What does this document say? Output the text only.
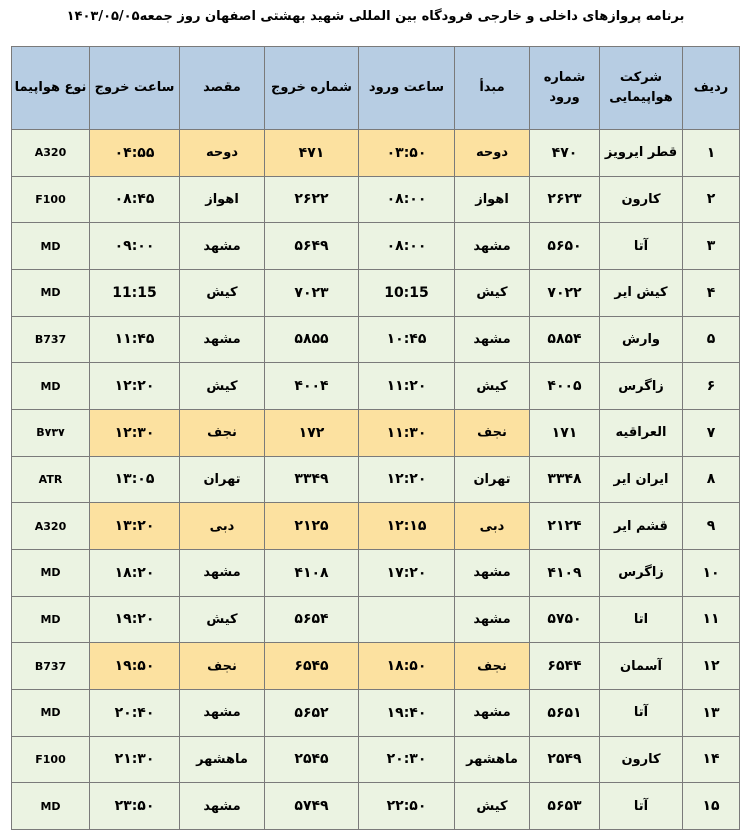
برنامه پروازهای داخلی و خارجی فرودگاه بین المللی شهید بهشتی اصفهان روز جمعه۱۴۰۳/۰۵/۰۵
ردیف	شرکت هواپیمایی	شماره ورود	مبدأ	ساعت ورود	شماره خروج	مقصد	ساعت خروج	نوع هواپیما
۱	قطر ایرویز	۴۷۰	دوحه	۰۳:۵۰	۴۷۱	دوحه	۰۴:۵۵	A320
۲	کارون	۲۶۲۳	اهواز	۰۸:۰۰	۲۶۲۲	اهواز	۰۸:۴۵	F100
۳	آتا	۵۶۵۰	مشهد	۰۸:۰۰	۵۶۴۹	مشهد	۰۹:۰۰	MD
۴	کیش ایر	۷۰۲۲	کیش	10:15	۷۰۲۳	کیش	11:15	MD
۵	وارش	۵۸۵۴	مشهد	۱۰:۴۵	۵۸۵۵	مشهد	۱۱:۴۵	B737
۶	زاگرس	۴۰۰۵	کیش	۱۱:۲۰	۴۰۰۴	کیش	۱۲:۲۰	MD
۷	العراقیه	۱۷۱	نجف	۱۱:۳۰	۱۷۲	نجف	۱۲:۳۰	B۷۳۷
۸	ایران ایر	۳۳۴۸	تهران	۱۲:۲۰	۳۳۴۹	تهران	۱۳:۰۵	ATR
۹	قشم ایر	۲۱۲۴	دبی	۱۲:۱۵	۲۱۲۵	دبی	۱۳:۲۰	A320
۱۰	زاگرس	۴۱۰۹	مشهد	۱۷:۲۰	۴۱۰۸	مشهد	۱۸:۲۰	MD
۱۱	اتا	۵۷۵۰	مشهد		۵۶۵۴	کیش	۱۹:۲۰	MD
۱۲	آسمان	۶۵۴۴	نجف	۱۸:۵۰	۶۵۴۵	نجف	۱۹:۵۰	B737
۱۳	آتا	۵۶۵۱	مشهد	۱۹:۴۰	۵۶۵۲	مشهد	۲۰:۴۰	MD
۱۴	کارون	۲۵۴۹	ماهشهر	۲۰:۳۰	۲۵۴۵	ماهشهر	۲۱:۳۰	F100
۱۵	آتا	۵۶۵۳	کیش	۲۲:۵۰	۵۷۴۹	مشهد	۲۳:۵۰	MD
